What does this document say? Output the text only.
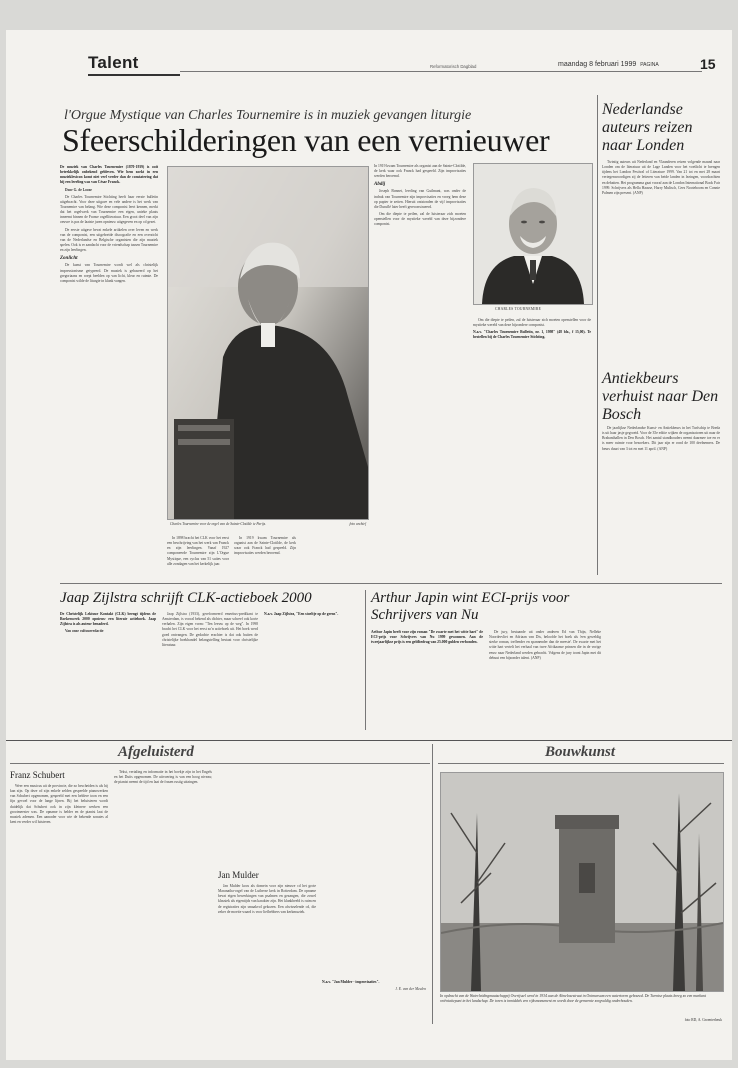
Talent	Reformatorisch Dagblad	maandag 8 februari 1999 PAGINA	15
l'Orgue Mystique van Charles Tournemire is in muziek gevangen liturgie
Sfeerschilderingen van een vernieuwer

De muziek van Charles Tournemire (1870-1939) is ooit betrekkelijk onbekend gebleven. Wie hem zoekt in een muzieklexicon komt niet veel verder dan de constatering dat hij een leerling was van César Franck.

Door G. de Looze

De Charles Tournemire Stichting heeft haar eerste bulletin uitgebracht. Voor deze uitgave en vele andere is het werk van Tournemire van belang. Wie deze componist leert kennen, merkt dat het orgelwerk van Tournemire een eigen, unieke plaats inneemt binnen de Franse orgelliteratuur. Een groot deel van zijn oeuvre is pas de laatste jaren opnieuw uitgegeven en op cd gezet.

De eerste uitgave bevat enkele artikelen over leven en werk van de componist, een uitgebreide discografie en een overzicht van de Nederlandse en Belgische organisten die zijn muziek spelen. Ook is er aandacht voor de vriendschap tussen Tournemire en zijn leerlingen.

Zonlicht

De kunst van Tournemire wordt wel als christelijk impressionisme getypeerd. De muziek is gebaseerd op het gregoriaans en roept beelden op van licht, kleur en ruimte. De componist wilde de liturgie in klank vangen.

Charles Tournemire voor de orgel van de Sainte-Clotilde te Parijs.	foto archief

In 1898 bracht het CLK voor het eerst een beschrijving van het werk van Franck en zijn leerlingen. Vanaf 1927 componeerde Tournemire zijn L'Orgue Mystique, een cyclus van 51 suites voor alle zondagen van het kerkelijk jaar.

In 1919 kwam Tournemire als organist aan de Sainte-Clotilde, de kerk waar ook Franck had gespeeld. Zijn improvisaties werden beroemd.

In 1919 kwam Tournemire als organist aan de Sainte-Clotilde, de kerk waar ook Franck had gespeeld. Zijn improvisaties werden beroemd.

Abdij

Joseph Bonnet, leerling van Guilmant, was onder de indruk van Tournemire zijn improvisaties en vroeg hem deze op papier te zetten. Hieruit ontstonden de vijf improvisaties die Duruflé later heeft gereconstrueerd.

Om die diepte te peilen, zal de luisteraar zich moeten openstellen voor de mystieke wereld van deze bijzondere componist.

CHARLES TOURNEMIRE

Om die diepte te peilen, zal de luisteraar zich moeten openstellen voor de mystieke wereld van deze bijzondere componist.

N.a.v. "Charles Tournemire Bulletin, nr. 1, 1998" (48 blz., f 15,00). Te bestellen bij de Charles Tournemire Stichting.

Nederlandse auteurs reizen naar Londen

Twintig auteurs uit Nederland en Vlaanderen reizen volgende maand naar Londen om de literatuur uit de Lage Landen voor het voetlicht te brengen tijdens het London Festival of Literature 1999. Van 21 tot en met 28 maart vertegenwoordigen zij de letteren van beide landen in lezingen, voordrachten en debatten. Het programma gaat vooraf aan de London International Book Fair 1999. Schrijvers als Hella Haasse, Harry Mulisch, Cees Nooteboom en Connie Palmen zijn present. (ANP)

Antiekbeurs verhuist naar Den Bosch

De jaarlijkse Nederlandse Kunst- en Antiekbeurs in het Turfschip te Breda is uit haar jasje gegroeid. Voor de 35e editie wijken de organisatoren uit naar de Brabanthallen in Den Bosch. Het aantal standhouders neemt daarmee toe en er is meer ruimte voor bezoekers. Dit jaar zijn er rond de 100 deelnemers. De beurs duurt van 3 tot en met 11 april. (ANP)

Jaap Zijlstra schrijft CLK-actieboek 2000

De Christelijk Lektuur Kontakt (CLK) brengt tijdens de Boekenweek 2000 opnieuw een literair actieboek. Jaap Zijlstra is als auteur benaderd.

Van onze cultuurredactie

Jaap Zijlstra (1933), gereformeerd emeritus-predikant te Amsterdam, is vooral bekend als dichter, maar schreef ook korte verhalen. Zijn eigen vorm: "Ten leeuw op de weg". In 1998 bracht het CLK voor het eerst zo'n actieboek uit. Het boek werd goed ontvangen. De gedachte erachter is dat ook buiten de christelijke boekhandel belangstelling bestaat voor christelijke literatuur.

N.a.v. Jaap Zijlstra, "Een stoeltje op de grens".

Arthur Japin wint ECI-prijs voor Schrijvers van Nu

Arthur Japin heeft voor zijn roman "De zwarte met het witte hart" de ECI-prijs voor Schrijvers van Nu 1999 gewonnen. Aan de tweejaarlijkse prijs is een geldbedrag van 25.000 gulden verbonden.

De jury, bestaande uit onder anderen Ed van Thijn, Nelleke Noordervliet en Adriaan van Dis, beloofde het boek als 'een geweldig sterke roman, treffender en spannender dan de meeste'. De zwarte met het witte hart vertelt het verhaal van twee Afrikaanse prinsen die in de vorige eeuw naar Nederland werden gebracht. Volgens de jury toont Japin met dit debuut een bijzonder talent. (ANP)

Afgeluisterd
Franz Schubert

Weer een musicus uit de provincie, die zo bescheiden is als hij kan zijn. Op deze cd zijn enkele zelden gespeelde pianowerken van Schubert opgenomen, gespeeld met een heldere toon en een fijn gevoel voor de lange lijnen. Bij het beluisteren wordt duidelijk dat Schubert ook in zijn kleinere werken een grootmeester was. De opname is helder en de pianist laat de muziek ademen. Een aanrader voor wie de bekende sonates al kent en verder wil luisteren.

Tekst, vertaling en informatie in het boekje zijn in het Engels en het Duits opgenomen. De uitvoering is van een hoog niveau; de pianist neemt de tijd en laat de frasen rustig uitzingen.

Jan Mulder

Jan Mulder koos als domein voor zijn nieuwe cd het grote Maranatha-orgel van de Lutherse kerk in Rotterdam. De opname bevat eigen bewerkingen van psalmen en gezangen, die zowel klassiek als eigentijds van karakter zijn. Het klankbeeld is ruim en de registraties zijn smaakvol gekozen. Een afwisselende cd, die zeker de moeite waard is voor liefhebbers van kerkmuziek.

N.a.v. "Jan Mulder - improvisaties".

J. E. van der Meulen

Bouwkunst
In opdracht van de Waterleidingmaatschappij Overijssel werd in 1934 aan de Almelosestraat in Ootmarsum een watertoren gebouwd. De Twentse plaats kreeg zo een markant oriëntatiepunt in het landschap. De toren is inmiddels een rijksmonument en wordt door de gemeente zorgvuldig onderhouden.
foto RD, A. Groenterheuk
